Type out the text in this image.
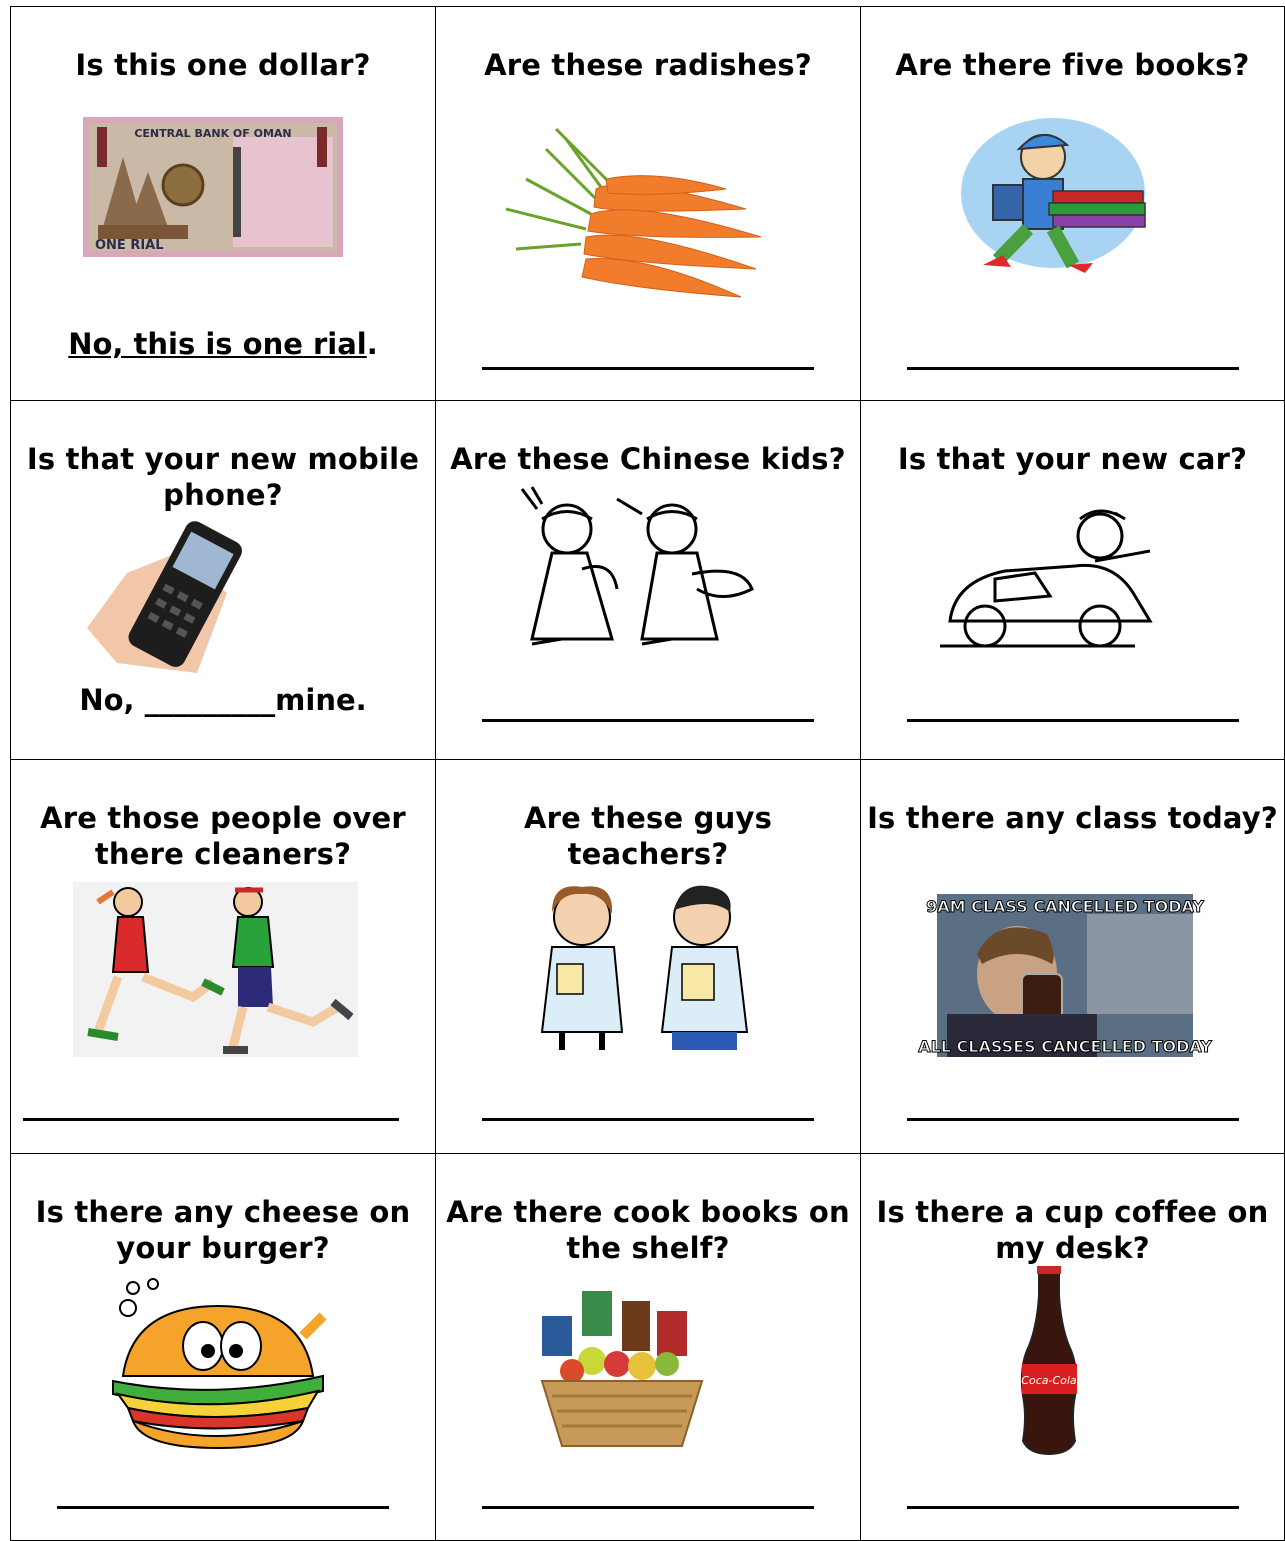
Is this one dollar?
CENTRAL BANK OF OMAN
ONE RIAL
No, this is one rial.	Are these radishes?	Are there five books?

Is that your new mobile phone?
No, _________mine.	Are these Chinese kids?	Is that your new car?

Are those people over there cleaners?	Are these guys teachers?	Is there any class today?
9AM CLASS CANCELLED TODAY
ALL CLASSES CANCELLED TODAY

Is there any cheese on your burger?	Are there cook books on the shelf?	Is there a cup coffee on my desk?
Coca-Cola
